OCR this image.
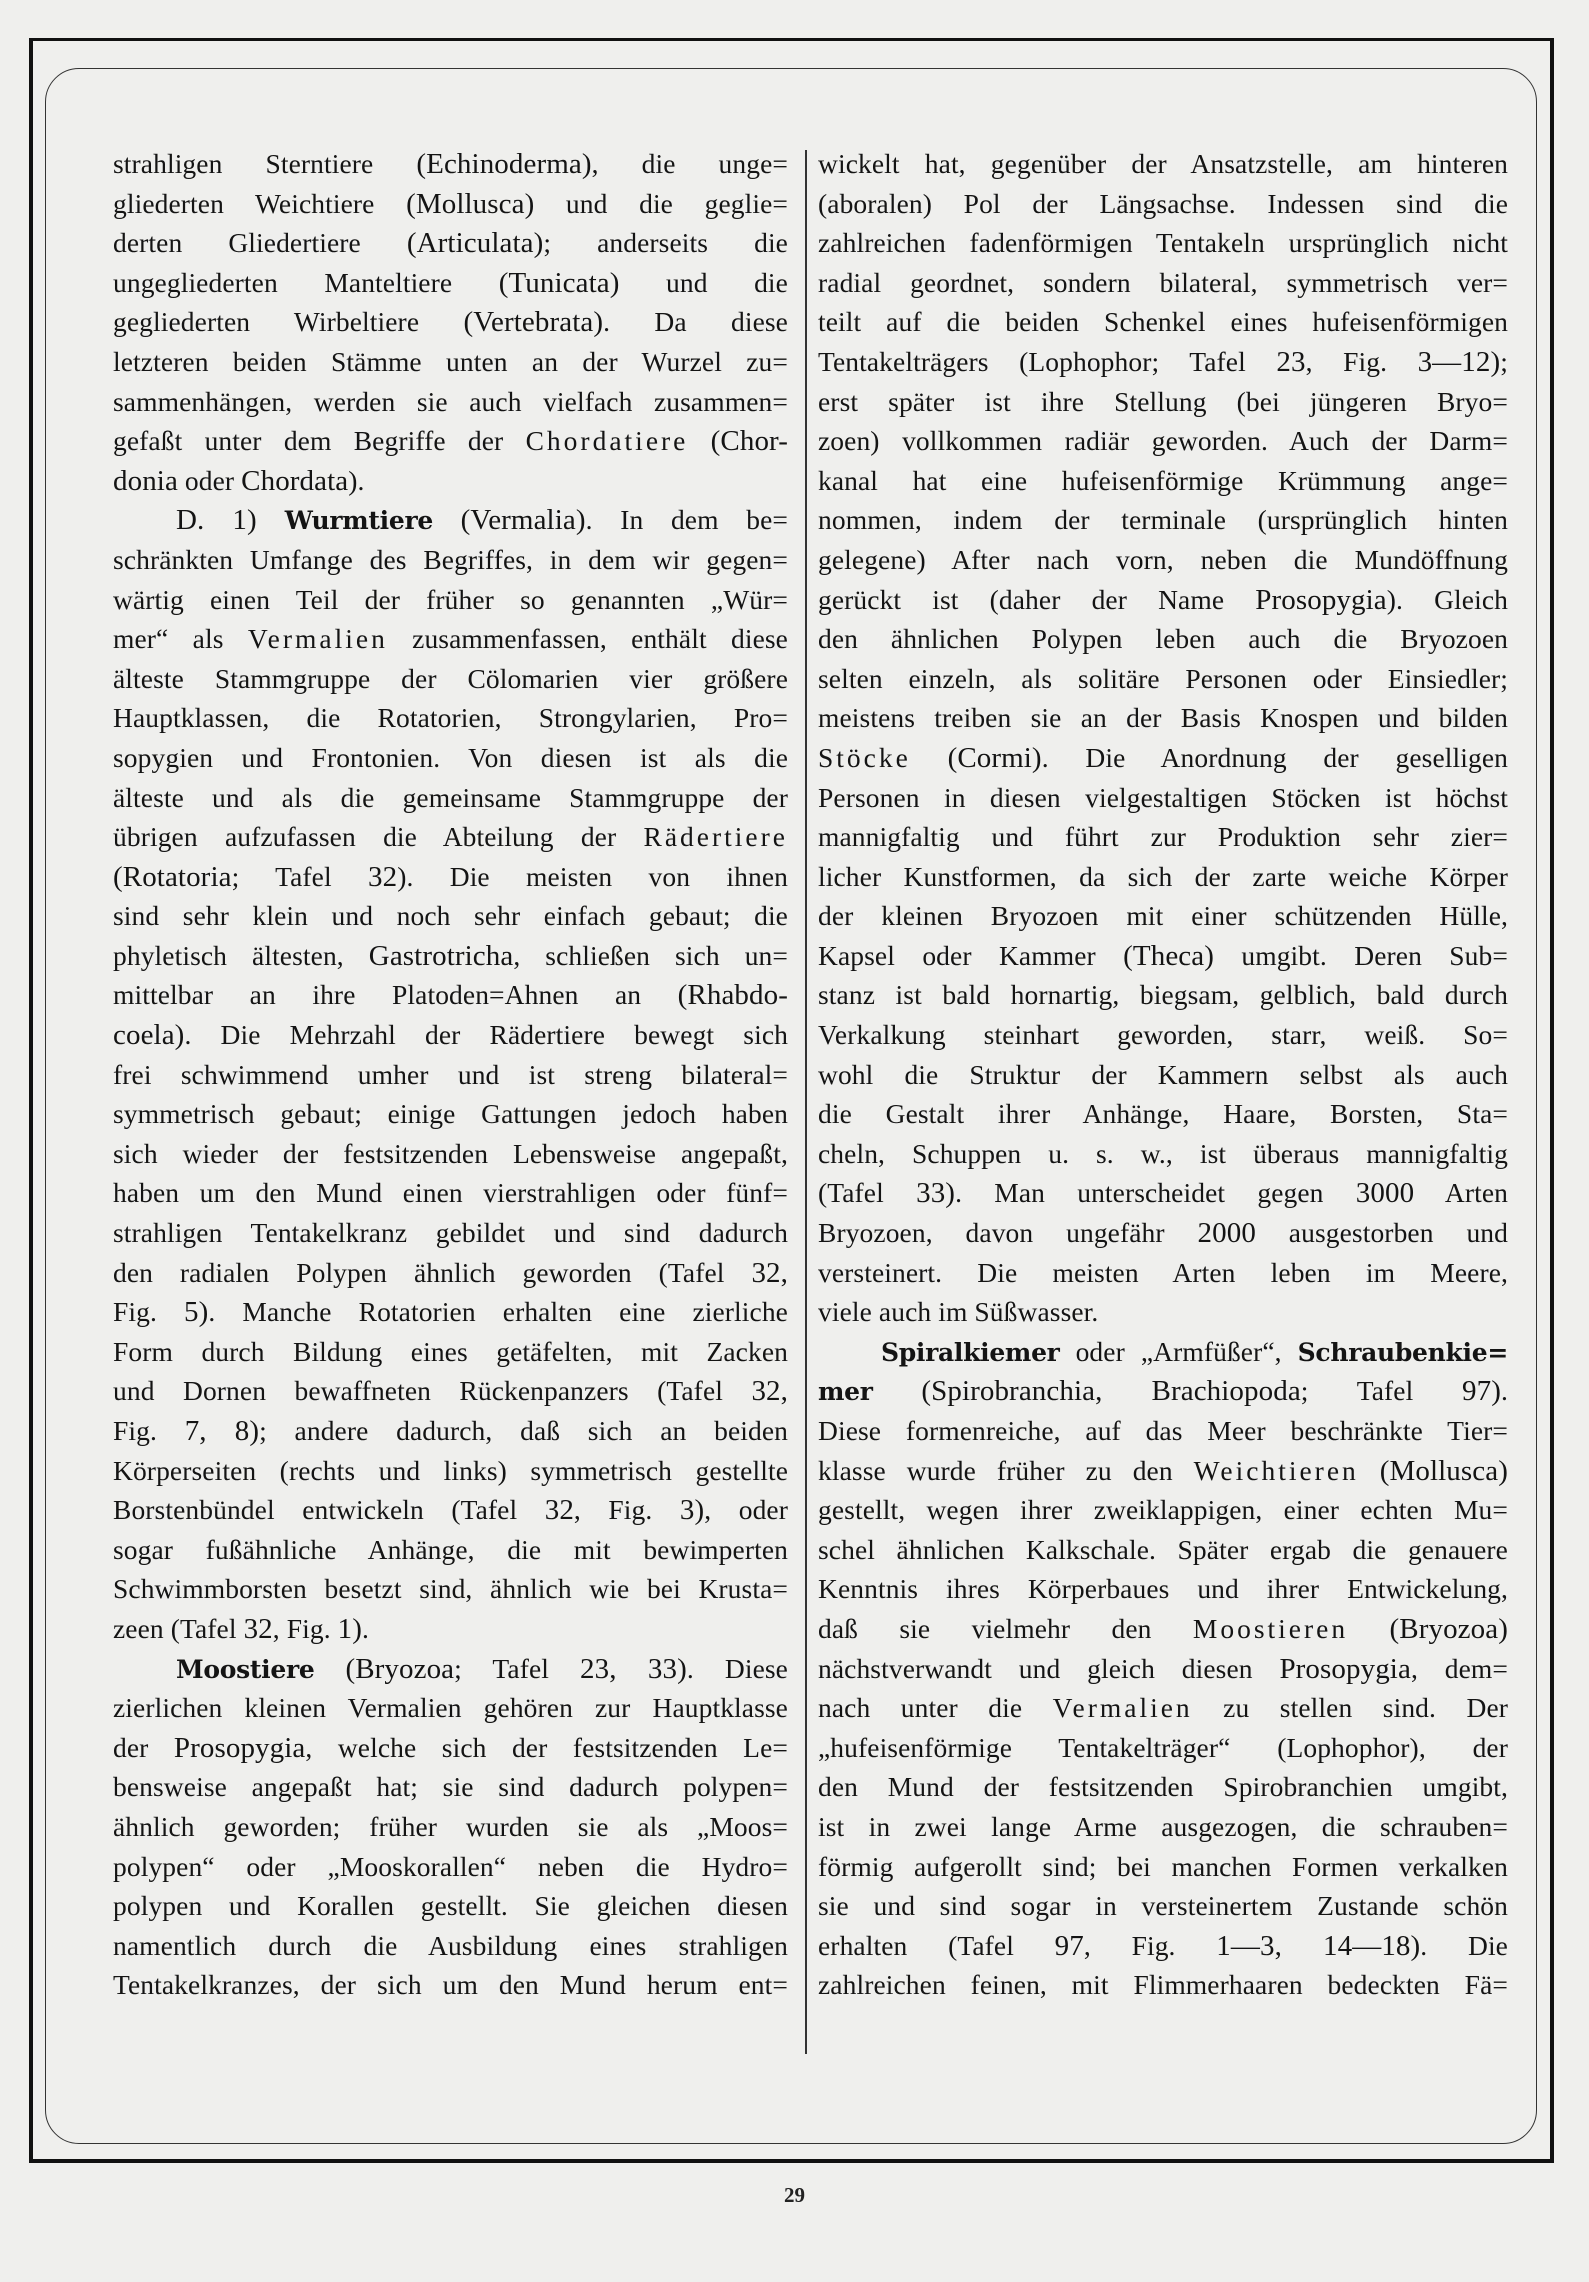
strahligen Sterntiere (Echinoderma), die unge=
gliederten Weichtiere (Mollusca) und die geglie=
derten Gliedertiere (Articulata); anderseits die
ungegliederten Manteltiere (Tunicata) und die
gegliederten Wirbeltiere (Vertebrata). Da diese
letzteren beiden Stämme unten an der Wurzel zu=
sammenhängen, werden sie auch vielfach zusammen=
gefaßt unter dem Begriffe der Chordatiere (Chor-
donia oder Chordata).
D. 1) Wurmtiere (Vermalia). In dem be=
schränkten Umfange des Begriffes, in dem wir gegen=
wärtig einen Teil der früher so genannten „Wür=
mer“ als Vermalien zusammenfassen, enthält diese
älteste Stammgruppe der Cölomarien vier größere
Hauptklassen, die Rotatorien, Strongylarien, Pro=
sopygien und Frontonien. Von diesen ist als die
älteste und als die gemeinsame Stammgruppe der
übrigen aufzufassen die Abteilung der Rädertiere
(Rotatoria; Tafel 32). Die meisten von ihnen
sind sehr klein und noch sehr einfach gebaut; die
phyletisch ältesten, Gastrotricha, schließen sich un=
mittelbar an ihre Platoden=Ahnen an (Rhabdo-
coela). Die Mehrzahl der Rädertiere bewegt sich
frei schwimmend umher und ist streng bilateral=
symmetrisch gebaut; einige Gattungen jedoch haben
sich wieder der festsitzenden Lebensweise angepaßt,
haben um den Mund einen vierstrahligen oder fünf=
strahligen Tentakelkranz gebildet und sind dadurch
den radialen Polypen ähnlich geworden (Tafel 32,
Fig. 5). Manche Rotatorien erhalten eine zierliche
Form durch Bildung eines getäfelten, mit Zacken
und Dornen bewaffneten Rückenpanzers (Tafel 32,
Fig. 7, 8); andere dadurch, daß sich an beiden
Körperseiten (rechts und links) symmetrisch gestellte
Borstenbündel entwickeln (Tafel 32, Fig. 3), oder
sogar fußähnliche Anhänge, die mit bewimperten
Schwimmborsten besetzt sind, ähnlich wie bei Krusta=
zeen (Tafel 32, Fig. 1).
Moostiere (Bryozoa; Tafel 23, 33). Diese
zierlichen kleinen Vermalien gehören zur Hauptklasse
der Prosopygia, welche sich der festsitzenden Le=
bensweise angepaßt hat; sie sind dadurch polypen=
ähnlich geworden; früher wurden sie als „Moos=
polypen“ oder „Mooskorallen“ neben die Hydro=
polypen und Korallen gestellt. Sie gleichen diesen
namentlich durch die Ausbildung eines strahligen
Tentakelkranzes, der sich um den Mund herum ent=
wickelt hat, gegenüber der Ansatzstelle, am hinteren
(aboralen) Pol der Längsachse. Indessen sind die
zahlreichen fadenförmigen Tentakeln ursprünglich nicht
radial geordnet, sondern bilateral, symmetrisch ver=
teilt auf die beiden Schenkel eines hufeisenförmigen
Tentakelträgers (Lophophor; Tafel 23, Fig. 3—12);
erst später ist ihre Stellung (bei jüngeren Bryo=
zoen) vollkommen radiär geworden. Auch der Darm=
kanal hat eine hufeisenförmige Krümmung ange=
nommen, indem der terminale (ursprünglich hinten
gelegene) After nach vorn, neben die Mundöffnung
gerückt ist (daher der Name Prosopygia). Gleich
den ähnlichen Polypen leben auch die Bryozoen
selten einzeln, als solitäre Personen oder Einsiedler;
meistens treiben sie an der Basis Knospen und bilden
Stöcke (Cormi). Die Anordnung der geselligen
Personen in diesen vielgestaltigen Stöcken ist höchst
mannigfaltig und führt zur Produktion sehr zier=
licher Kunstformen, da sich der zarte weiche Körper
der kleinen Bryozoen mit einer schützenden Hülle,
Kapsel oder Kammer (Theca) umgibt. Deren Sub=
stanz ist bald hornartig, biegsam, gelblich, bald durch
Verkalkung steinhart geworden, starr, weiß. So=
wohl die Struktur der Kammern selbst als auch
die Gestalt ihrer Anhänge, Haare, Borsten, Sta=
cheln, Schuppen u. s. w., ist überaus mannigfaltig
(Tafel 33). Man unterscheidet gegen 3000 Arten
Bryozoen, davon ungefähr 2000 ausgestorben und
versteinert. Die meisten Arten leben im Meere,
viele auch im Süßwasser.
Spiralkiemer oder „Armfüßer“, Schraubenkie=
mer (Spirobranchia, Brachiopoda; Tafel 97).
Diese formenreiche, auf das Meer beschränkte Tier=
klasse wurde früher zu den Weichtieren (Mollusca)
gestellt, wegen ihrer zweiklappigen, einer echten Mu=
schel ähnlichen Kalkschale. Später ergab die genauere
Kenntnis ihres Körperbaues und ihrer Entwickelung,
daß sie vielmehr den Moostieren (Bryozoa)
nächstverwandt und gleich diesen Prosopygia, dem=
nach unter die Vermalien zu stellen sind. Der
„hufeisenförmige Tentakelträger“ (Lophophor), der
den Mund der festsitzenden Spirobranchien umgibt,
ist in zwei lange Arme ausgezogen, die schrauben=
förmig aufgerollt sind; bei manchen Formen verkalken
sie und sind sogar in versteinertem Zustande schön
erhalten (Tafel 97, Fig. 1—3, 14—18). Die
zahlreichen feinen, mit Flimmerhaaren bedeckten Fä=
29
